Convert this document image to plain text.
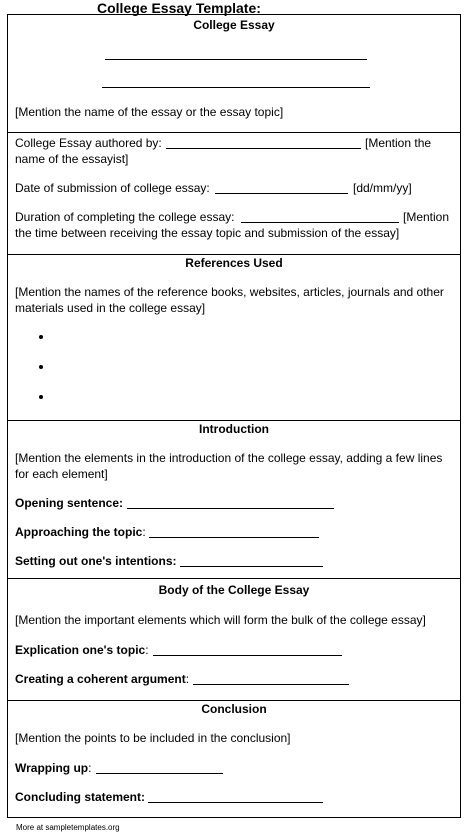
College Essay Template:
College Essay
[Mention the name of the essay or the essay topic]
College Essay authored by:	[Mention the
name of the essayist]
Date of submission of college essay:	[dd/mm/yy]
Duration of completing the college essay:	[Mention
the time between receiving the essay topic and submission of the essay]
References Used
[Mention the names of the reference books, websites, articles, journals and other materials used in the college essay]
Introduction
[Mention the elements in the introduction of the college essay, adding a few lines for each element]
Opening sentence:
Approaching the topic:
Setting out one's intentions:
Body of the College Essay
[Mention the important elements which will form the bulk of the college essay]
Explication one's topic:
Creating a coherent argument:
Conclusion
[Mention the points to be included in the conclusion]
Wrapping up:
Concluding statement:
More at sampletemplates.org
